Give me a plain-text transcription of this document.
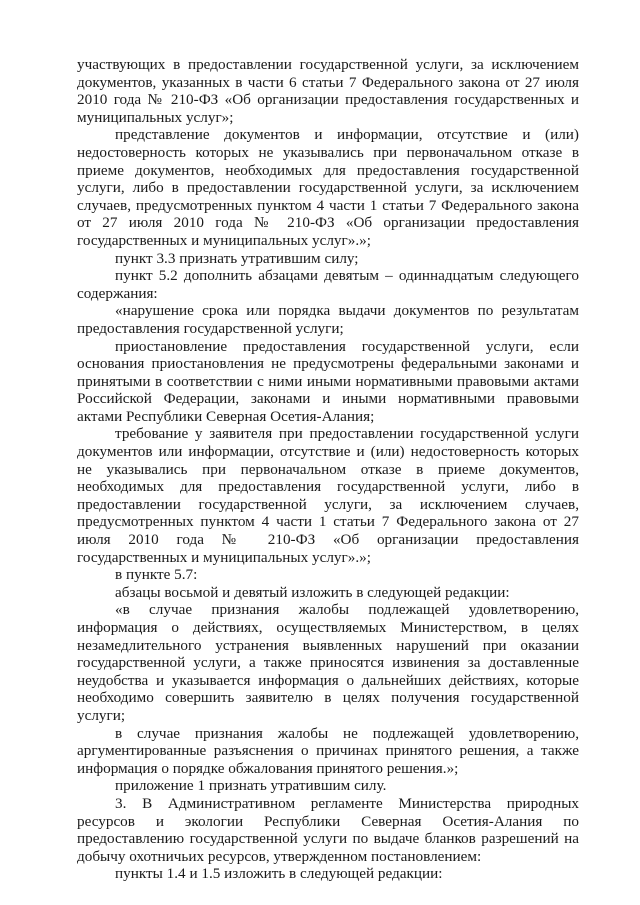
участвующих в предоставлении государственной услуги, за исключением документов, указанных в части 6 статьи 7 Федерального закона от 27 июля 2010 года № 210-ФЗ «Об организации предоставления государственных и муниципальных услуг»;

представление документов и информации, отсутствие и (или) недостоверность которых не указывались при первоначальном отказе в приеме документов, необходимых для предоставления государственной услуги, либо в предоставлении государственной услуги, за исключением случаев, предусмотренных пунктом 4 части 1 статьи 7 Федерального закона от 27 июля 2010 года № 210-ФЗ «Об организации предоставления государственных и муниципальных услуг».»;

пункт 3.3 признать утратившим силу;

пункт 5.2 дополнить абзацами девятым – одиннадцатым следующего содержания:

«нарушение срока или порядка выдачи документов по результатам предоставления государственной услуги;

приостановление предоставления государственной услуги, если основания приостановления не предусмотрены федеральными законами и принятыми в соответствии с ними иными нормативными правовыми актами Российской Федерации, законами и иными нормативными правовыми актами Республики Северная Осетия-Алания;

требование у заявителя при предоставлении государственной услуги документов или информации, отсутствие и (или) недостоверность которых не указывались при первоначальном отказе в приеме документов, необходимых для предоставления государственной услуги, либо в предоставлении государственной услуги, за исключением случаев, предусмотренных пунктом 4 части 1 статьи 7 Федерального закона от 27 июля 2010 года № 210-ФЗ «Об организации предоставления государственных и муниципальных услуг».»;

в пункте 5.7:

абзацы восьмой и девятый изложить в следующей редакции:

«в случае признания жалобы подлежащей удовлетворению, информация о действиях, осуществляемых Министерством, в целях незамедлительного устранения выявленных нарушений при оказании государственной услуги, а также приносятся извинения за доставленные неудобства и указывается информация о дальнейших действиях, которые необходимо совершить заявителю в целях получения государственной услуги;

в случае признания жалобы не подлежащей удовлетворению, аргументированные разъяснения о причинах принятого решения, а также информация о порядке обжалования принятого решения.»;

приложение 1 признать утратившим силу.

3. В Административном регламенте Министерства природных ресурсов и экологии Республики Северная Осетия-Алания по предоставлению государственной услуги по выдаче бланков разрешений на добычу охотничьих ресурсов, утвержденном постановлением:

пункты 1.4 и 1.5 изложить в следующей редакции:
